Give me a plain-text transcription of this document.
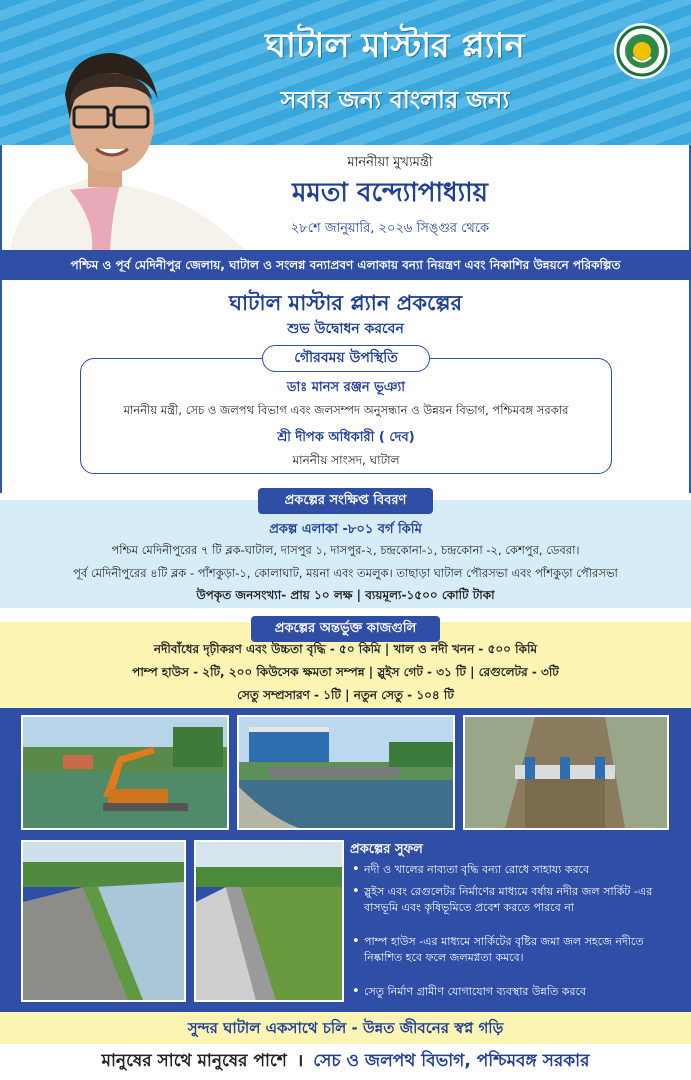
ঘাটাল মাস্টার প্ল্যান
সবার জন্য বাংলার জন্য
মাননীয়া মুখ্যমন্ত্রী
মমতা বন্দ্যোপাধ্যায়
২৮শে জানুয়ারি, ২০২৬ সিঙ্গুর থেকে
পশ্চিম ও পূর্ব মেদিনীপুর জেলায়, ঘাটাল ও সংলগ্ন বন্যাপ্রবণ এলাকায় বন্যা নিয়ন্ত্রণ এবং নিকাশির উন্নয়নে পরিকল্পিত
ঘাটাল মাস্টার প্ল্যান প্রকল্পের
শুভ উদ্বোধন করবেন
গৌরবময় উপস্থিতি
ডাঃ মানস রঞ্জন ভূঞ্যা
মাননীয় মন্ত্রী, সেচ ও জলপথ বিভাগ এবং জলসম্পদ অনুসন্ধান ও উন্নয়ন বিভাগ, পশ্চিমবঙ্গ সরকার
শ্রী দীপক অধিকারী ( দেব)
মাননীয় সাংসদ, ঘাটাল
প্রকল্পের সংক্ষিপ্ত বিবরণ
প্রকল্প এলাকা -৮০১ বর্গ কিমি
পশ্চিম মেদিনীপুরের ৭ টি ব্লক-ঘাটাল, দাসপুর ১, দাসপুর-২, চন্দ্রকোনা-১, চন্দ্রকোনা -২, কেশপুর, ডেবরা।
পূর্ব মেদিনীপুরের ৪টি ব্লক - পাঁশকুড়া-১, কোলাঘাট, ময়না এবং তমলুক। তাছাড়া ঘাটাল পৌরসভা এবং পাঁশকুড়া পৌরসভা
উপকৃত জনসংখ্যা- প্রায় ১০ লক্ষ | ব্যয়মূল্য-১৫০০ কোটি টাকা
প্রকল্পের অন্তর্ভুক্ত কাজগুলি
নদীবাঁধের দৃঢ়ীকরণ এবং উচ্চতা বৃদ্ধি - ৫০ কিমি | খাল ও নদী খনন - ৫০০ কিমি
পাম্প হাউস - ২টি, ২০০ কিউসেক ক্ষমতা সম্পন্ন | স্লুইস গেট - ৩১ টি | রেগুলেটর - ৩টি
সেতু সম্প্রসারণ - ১টি | নতুন সেতু - ১০৪ টি
প্রকল্পের সুফল
• নদী ও খালের নাব্যতা বৃদ্ধি বন্যা রোধে সাহায্য করবে
• স্লুইস এবং রেগুলেটর নির্মাণের মাধ্যমে বর্ষায় নদীর জল সার্কিট -এর বাসভূমি এবং কৃষিভূমিতে প্রবেশ করতে পারবে না
• পাম্প হাউস -এর মাধ্যমে সার্কিটের বৃষ্টির জমা জল সহজে নদীতে নিষ্কাশিত হবে ফলে জলমগ্নতা কমবে।
• সেতু নির্মাণ গ্রামীণ যোগাযোগ ব্যবস্থার উন্নতি করবে
সুন্দর ঘাটাল একসাথে চলি - উন্নত জীবনের স্বপ্ন গড়ি
মানুষের সাথে মানুষের পাশে । সেচ ও জলপথ বিভাগ, পশ্চিমবঙ্গ সরকার
